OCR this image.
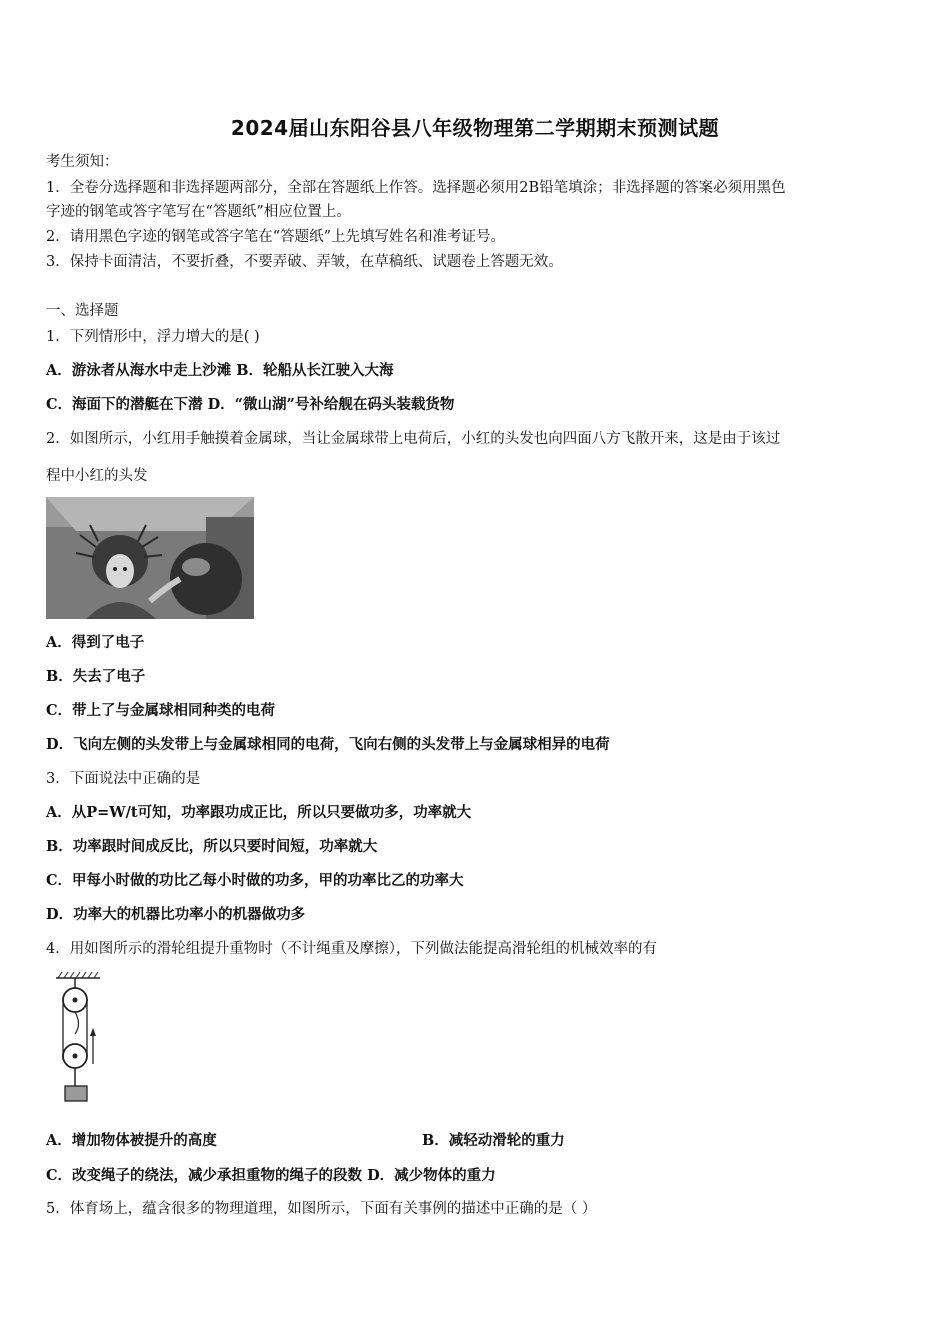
2024届山东阳谷县八年级物理第二学期期末预测试题
考生须知：
1．全卷分选择题和非选择题两部分，全部在答题纸上作答。选择题必须用2B铅笔填涂；非选择题的答案必须用黑色
字迹的钢笔或答字笔写在“答题纸”相应位置上。
2．请用黑色字迹的钢笔或答字笔在“答题纸”上先填写姓名和准考证号。
3．保持卡面清洁，不要折叠，不要弄破、弄皱，在草稿纸、试题卷上答题无效。
一、选择题
1．下列情形中，浮力增大的是( )
A．游泳者从海水中走上沙滩 B．轮船从长江驶入大海
C．海面下的潜艇在下潜 D．“微山湖”号补给舰在码头装载货物
2．如图所示，小红用手触摸着金属球，当让金属球带上电荷后，小红的头发也向四面八方飞散开来，这是由于该过
程中小红的头发
A．得到了电子
B．失去了电子
C．带上了与金属球相同种类的电荷
D．飞向左侧的头发带上与金属球相同的电荷，飞向右侧的头发带上与金属球相异的电荷
3．下面说法中正确的是
A．从P=W/t可知，功率跟功成正比，所以只要做功多，功率就大
B．功率跟时间成反比，所以只要时间短，功率就大
C．甲每小时做的功比乙每小时做的功多，甲的功率比乙的功率大
D．功率大的机器比功率小的机器做功多
4．用如图所示的滑轮组提升重物时（不计绳重及摩擦），下列做法能提高滑轮组的机械效率的有
A．增加物体被提升的高度	B．减轻动滑轮的重力
C．改变绳子的绕法，减少承担重物的绳子的段数 D．减少物体的重力
5．体育场上，蕴含很多的物理道理，如图所示，下面有关事例的描述中正确的是（ ）
